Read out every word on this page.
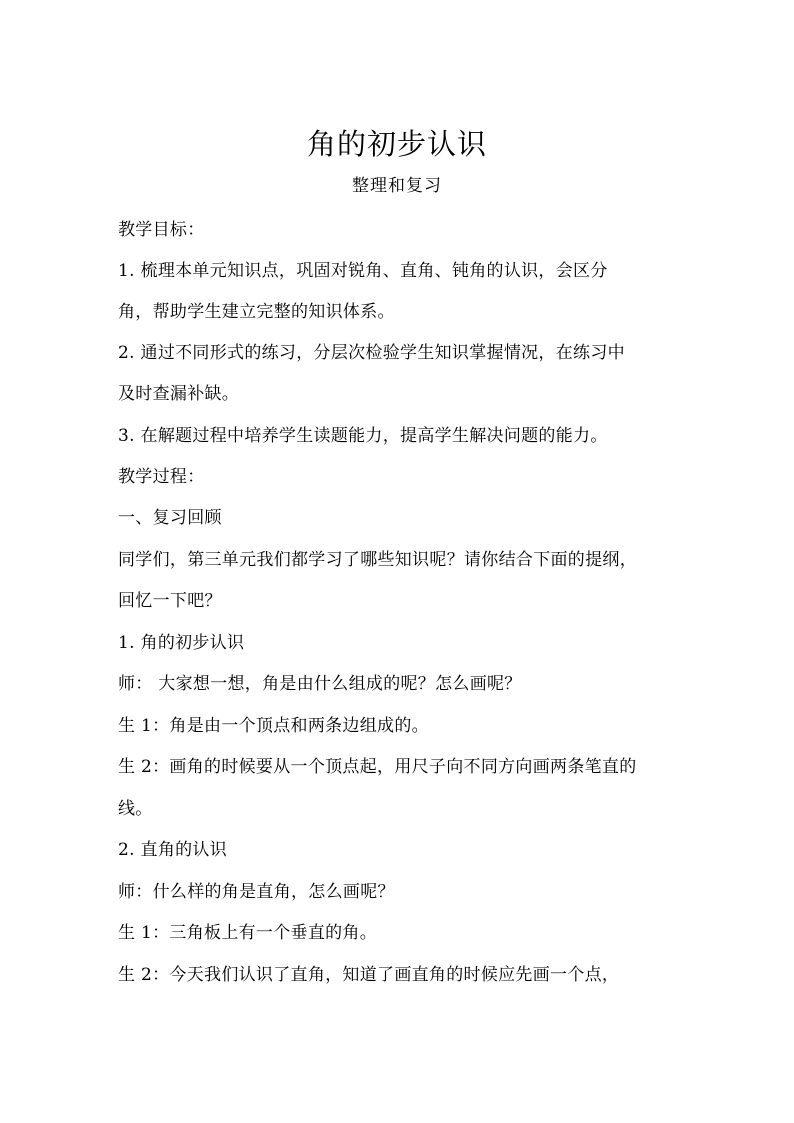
角的初步认识
整理和复习
教学目标：
1. 梳理本单元知识点，巩固对锐角、直角、钝角的认识，会区分
角，帮助学生建立完整的知识体系。
2. 通过不同形式的练习，分层次检验学生知识掌握情况，在练习中
及时查漏补缺。
3. 在解题过程中培养学生读题能力，提高学生解决问题的能力。
教学过程：
一、复习回顾
同学们，第三单元我们都学习了哪些知识呢？请你结合下面的提纲，
回忆一下吧？
1. 角的初步认识
师： 大家想一想，角是由什么组成的呢？怎么画呢？
生 1：角是由一个顶点和两条边组成的。
生 2：画角的时候要从一个顶点起，用尺子向不同方向画两条笔直的
线。
2. 直角的认识
师：什么样的角是直角，怎么画呢？
生 1：三角板上有一个垂直的角。
生 2：今天我们认识了直角，知道了画直角的时候应先画一个点，
